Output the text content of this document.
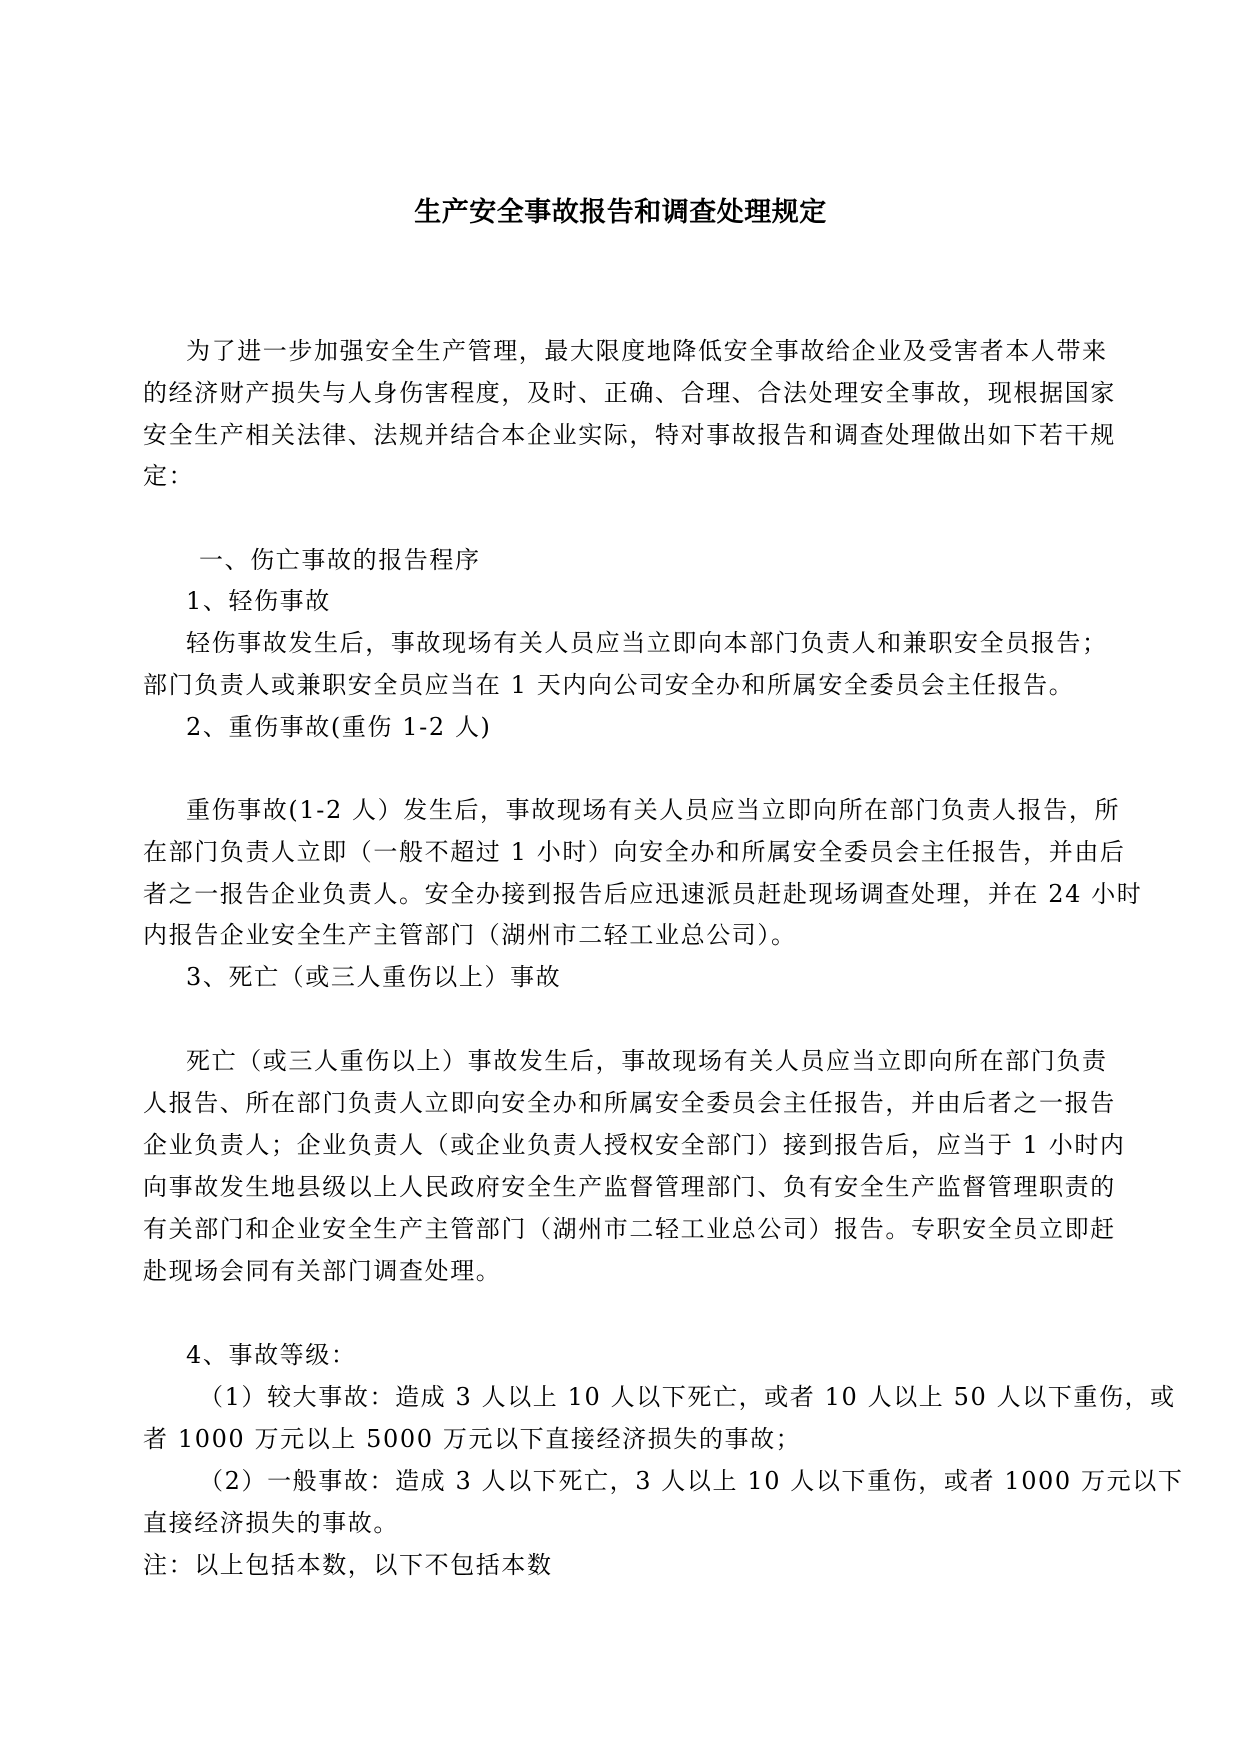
生产安全事故报告和调查处理规定
为了进一步加强安全生产管理，最大限度地降低安全事故给企业及受害者本人带来
的经济财产损失与人身伤害程度，及时、正确、合理、合法处理安全事故，现根据国家
安全生产相关法律、法规并结合本企业实际，特对事故报告和调查处理做出如下若干规
定：
一、伤亡事故的报告程序
1、轻伤事故
轻伤事故发生后，事故现场有关人员应当立即向本部门负责人和兼职安全员报告；
部门负责人或兼职安全员应当在 1 天内向公司安全办和所属安全委员会主任报告。
2、重伤事故(重伤 1-2 人)
重伤事故(1-2 人）发生后，事故现场有关人员应当立即向所在部门负责人报告，所
在部门负责人立即（一般不超过 1 小时）向安全办和所属安全委员会主任报告，并由后
者之一报告企业负责人。安全办接到报告后应迅速派员赶赴现场调查处理，并在 24 小时
内报告企业安全生产主管部门（湖州市二轻工业总公司）。
3、死亡（或三人重伤以上）事故
死亡（或三人重伤以上）事故发生后，事故现场有关人员应当立即向所在部门负责
人报告、所在部门负责人立即向安全办和所属安全委员会主任报告，并由后者之一报告
企业负责人；企业负责人（或企业负责人授权安全部门）接到报告后，应当于 1 小时内
向事故发生地县级以上人民政府安全生产监督管理部门、负有安全生产监督管理职责的
有关部门和企业安全生产主管部门（湖州市二轻工业总公司）报告。专职安全员立即赶
赴现场会同有关部门调查处理。
4、事故等级：
（1）较大事故：造成 3 人以上 10 人以下死亡，或者 10 人以上 50 人以下重伤，或
者 1000 万元以上 5000 万元以下直接经济损失的事故；
（2）一般事故：造成 3 人以下死亡，3 人以上 10 人以下重伤，或者 1000 万元以下
直接经济损失的事故。
注：以上包括本数，以下不包括本数
